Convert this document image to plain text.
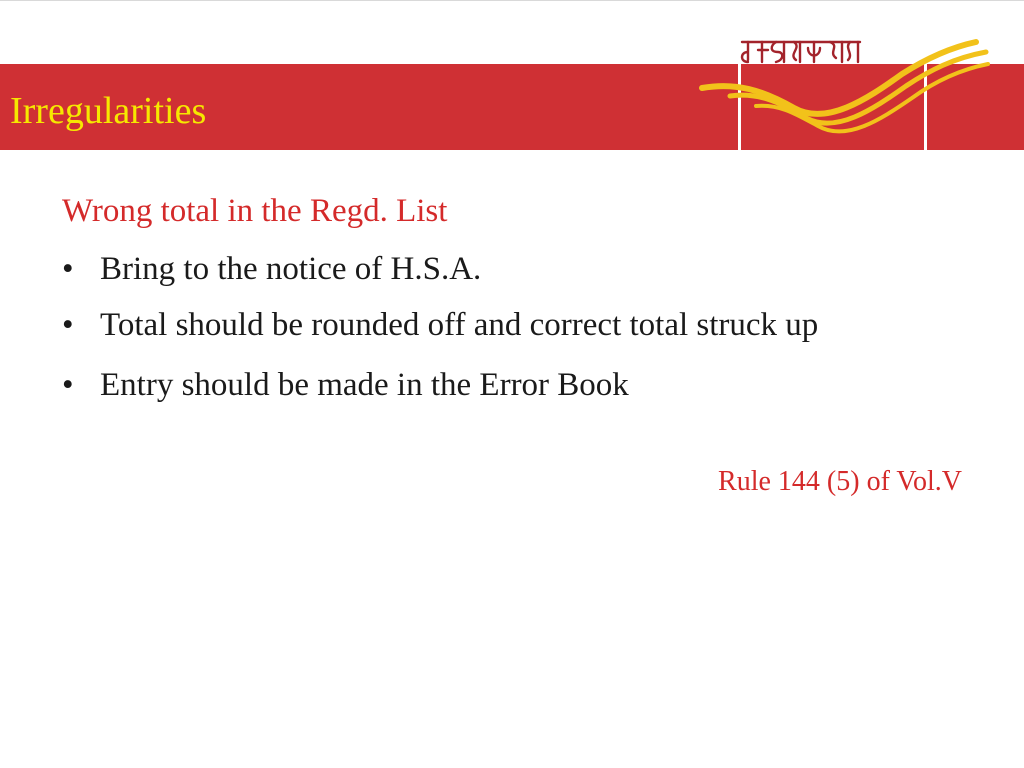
Irregularities
Wrong total in the Regd. List
• Bring to the notice of H.S.A.
• Total should be rounded off and correct total struck up
• Entry should be made in the Error Book
Rule 144 (5) of Vol.V
